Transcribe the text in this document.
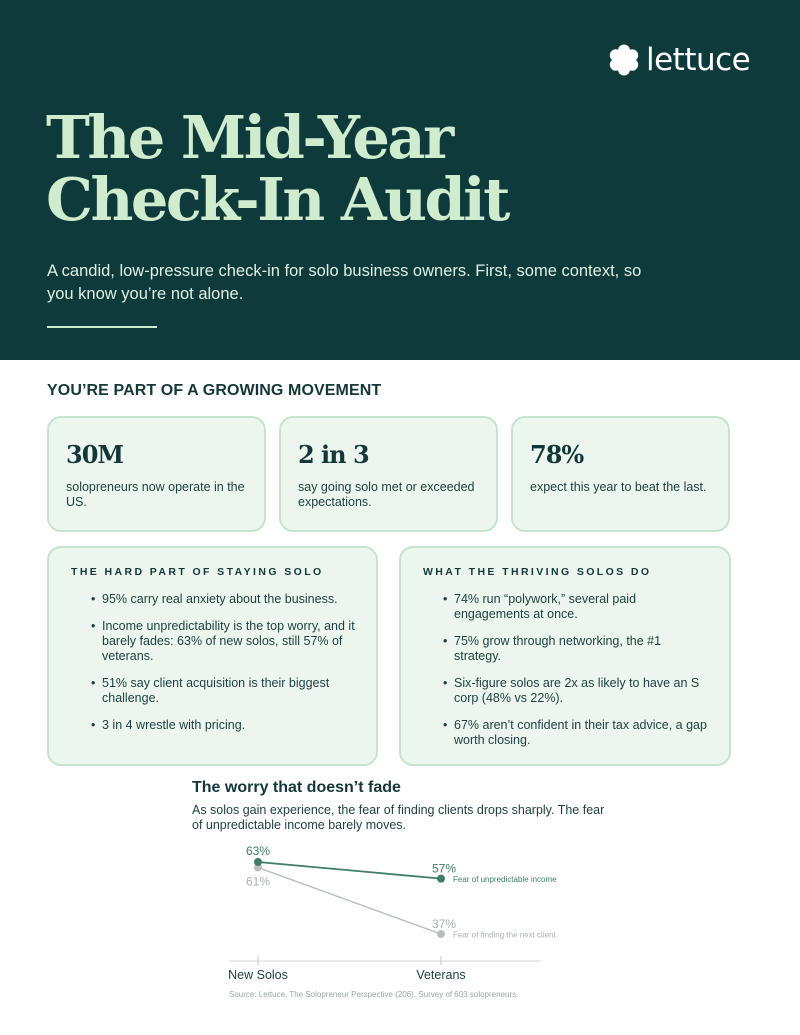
lettuce
The Mid-Year
Check-In Audit

A candid, low-pressure check-in for solo business owners. First, some context, so you know you’re not alone.

YOU’RE PART OF A GROWING MOVEMENT
30M
solopreneurs now operate in the US.
2 in 3
say going solo met or exceeded expectations.
78%
expect this year to beat the last.
THE HARD PART OF STAYING SOLO
• 95% carry real anxiety about the business.
• Income unpredictability is the top worry, and it barely fades: 63% of new solos, still 57% of veterans.
• 51% say client acquisition is their biggest challenge.
• 3 in 4 wrestle with pricing.
WHAT THE THRIVING SOLOS DO
• 74% run “polywork,” several paid engagements at once.
• 75% grow through networking, the #1 strategy.
• Six-figure solos are 2x as likely to have an S corp (48% vs 22%).
• 67% aren’t confident in their tax advice, a gap worth closing.
The worry that doesn’t fade

As solos gain experience, the fear of finding clients drops sharply. The fear of unpredictable income barely moves.

New Solos	Veterans
61%
37%
Fear of finding the next client
63%
57%
Fear of unpredictable income
Source: Lettuce, The Solopreneur Perspective (206). Survey of 603 solopreneurs.
